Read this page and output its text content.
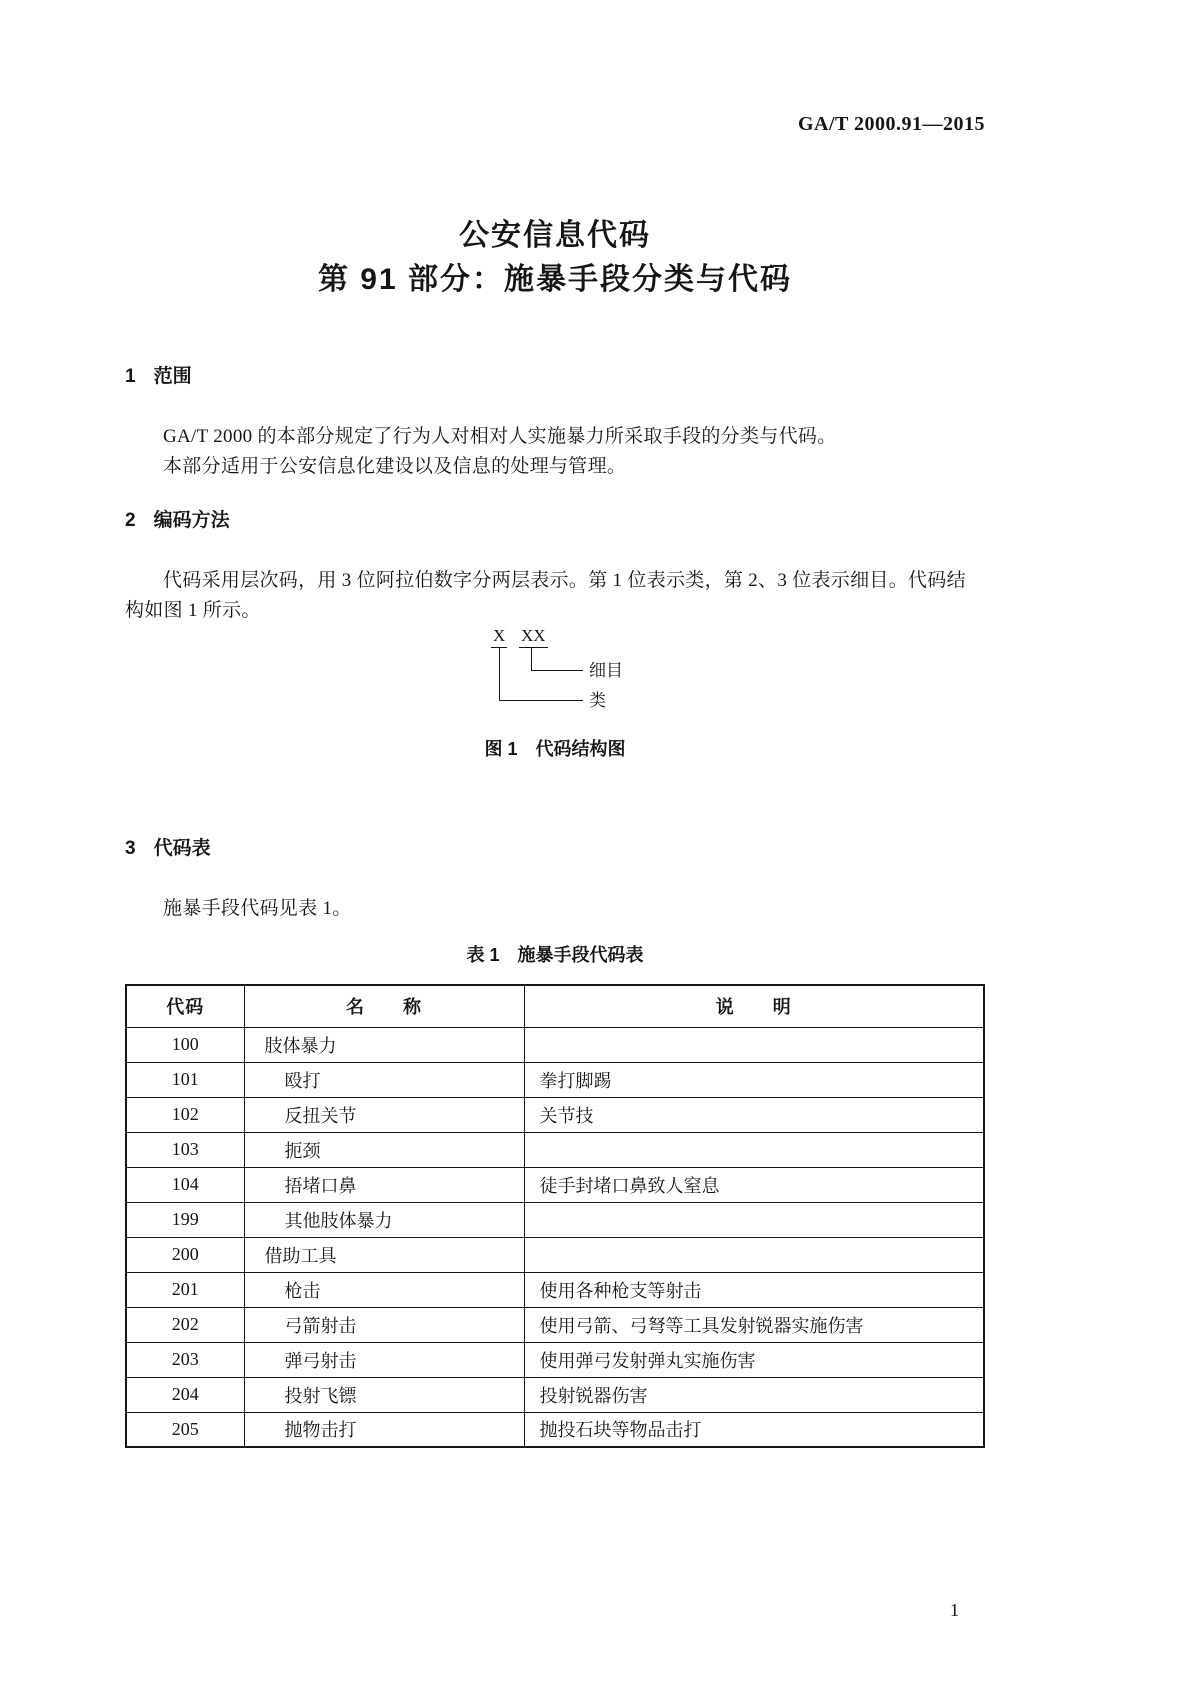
GA/T 2000.91—2015
公安信息代码
第 91 部分：施暴手段分类与代码
1 范围

GA/T 2000 的本部分规定了行为人对相对人实施暴力所采取手段的分类与代码。

本部分适用于公安信息化建设以及信息的处理与管理。

2 编码方法

代码采用层次码，用 3 位阿拉伯数字分两层表示。第 1 位表示类，第 2、3 位表示细目。代码结构如图 1 所示。

X XX
细目
类
图 1　代码结构图
3 代码表

施暴手段代码见表 1。

表 1　施暴手段代码表
代码	名　　称	说　　明
100	肢体暴力	
101	殴打	拳打脚踢
102	反扭关节	关节技
103	扼颈	
104	捂堵口鼻	徒手封堵口鼻致人窒息
199	其他肢体暴力	
200	借助工具	
201	枪击	使用各种枪支等射击
202	弓箭射击	使用弓箭、弓弩等工具发射锐器实施伤害
203	弹弓射击	使用弹弓发射弹丸实施伤害
204	投射飞镖	投射锐器伤害
205	抛物击打	抛投石块等物品击打
1
